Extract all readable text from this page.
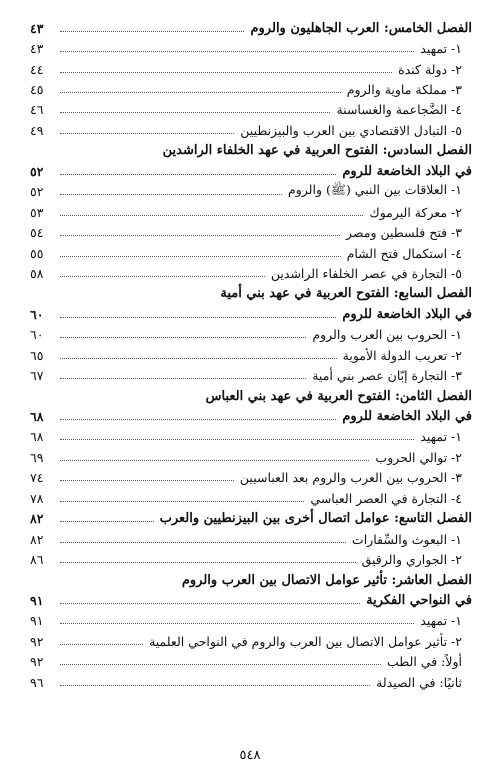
الفصل الخامس: العرب الجاهليون والروم
٤٣
١- تمهيد
٤٣
٢- دولة كندة
٤٤
٣- مملكة ماوية والروم
٤٥
٤- الضَّجاعمة والغساسنة
٤٦
٥- التبادل الاقتصادي بين العرب والبيزنطيين
٤٩
الفصل السادس: الفتوح العربية في عهد الخلفاء الراشدين
في البلاد الخاضعة للروم
٥٢
١- العلاقات بين النبي (ﷺ) والروم
٥٢
٢- معركة اليرموك
٥٣
٣- فتح فلسطين ومصر
٥٤
٤- استكمال فتح الشام
٥٥
٥- التجارة في عصر الخلفاء الراشدين
٥٨
الفصل السابع: الفتوح العربية في عهد بني أمية
في البلاد الخاضعة للروم
٦٠
١- الحروب بين العرب والروم
٦٠
٢- تعريب الدولة الأموية
٦٥
٣- التجارة إبّان عصر بني أمية
٦٧
الفصل الثامن: الفتوح العربية في عهد بني العباس
في البلاد الخاضعة للروم
٦٨
١- تمهيد
٦٨
٢- توالي الحروب
٦٩
٣- الحروب بين العرب والروم بعد العباسيين
٧٤
٤- التجارة في العصر العباسي
٧٨
الفصل التاسع: عوامل اتصال أخرى بين البيزنطيين والعرب
٨٢
١- البعوث والسِّفارات
٨٢
٢- الجواري والرقيق
٨٦
الفصل العاشر: تأثير عوامل الاتصال بين العرب والروم
في النواحي الفكرية
٩١
١- تمهيد
٩١
٢- تأثير عوامل الاتصال بين العرب والروم في النواحي العلمية
٩٢
أولاً: في الطب
٩٢
ثانيًا: في الصيدلة
٩٦
٥٤٨
